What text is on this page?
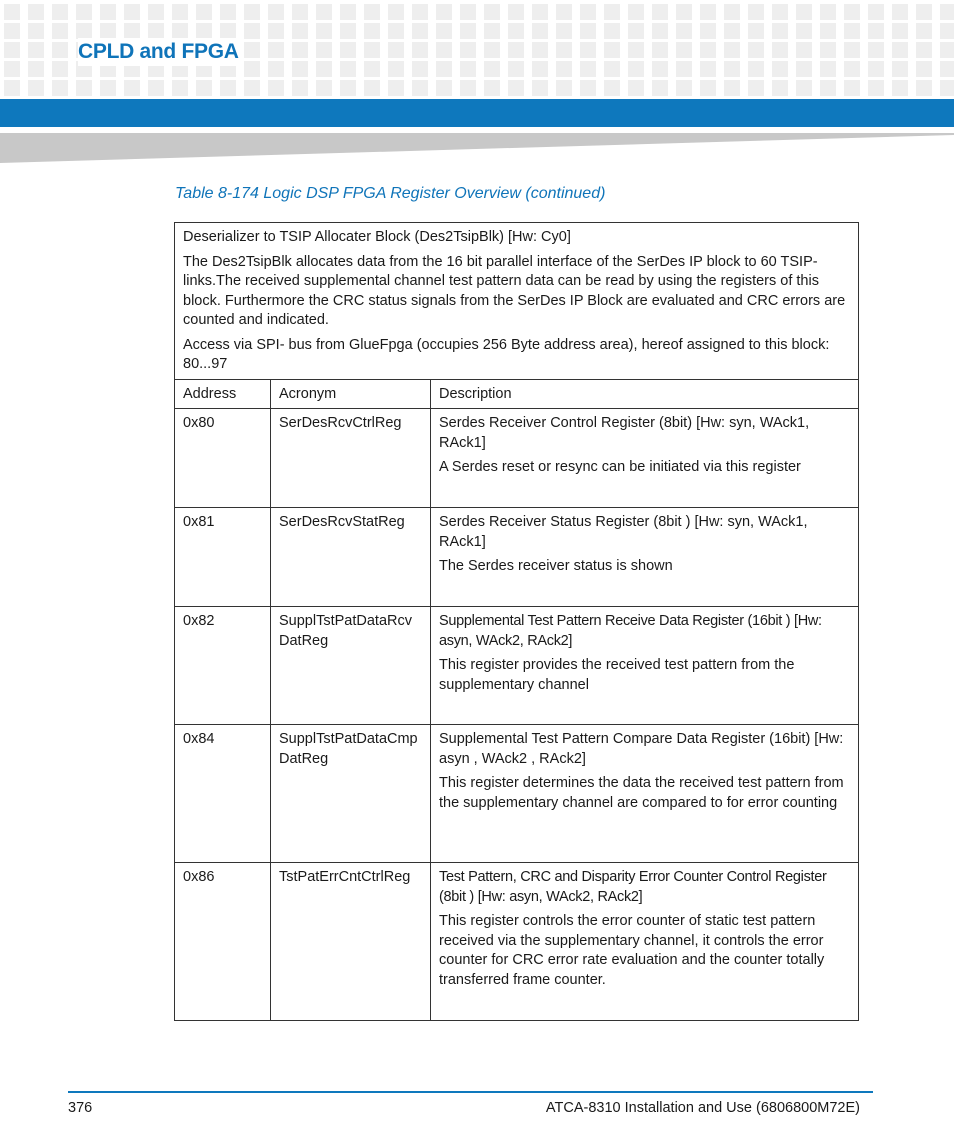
CPLD and FPGA
Table 8-174 Logic DSP FPGA Register Overview (continued)

Deserializer to TSIP Allocater Block (Des2TsipBlk) [Hw: Cy0]

The Des2TsipBlk allocates data from the 16 bit parallel interface of the SerDes IP block to 60 TSIP-links.The received supplemental channel test pattern data can be read by using the registers of this block. Furthermore the CRC status signals from the SerDes IP Block are evaluated and CRC errors are counted and indicated.

Access via SPI- bus from GlueFpga (occupies 256 Byte address area), hereof assigned to this block: 80...97		

Address	Acronym	Description
0x80	SerDesRcvCtrlReg	Serdes Receiver Control Register (8bit) [Hw: syn, WAck1, RAck1]

A Serdes reset or resync can be initiated via this register

0x81	SerDesRcvStatReg	Serdes Receiver Status Register (8bit ) [Hw: syn, WAck1, RAck1]

The Serdes receiver status is shown

0x82	SupplTstPatDataRcvDatReg	Supplemental Test Pattern Receive Data Register (16bit ) [Hw: asyn, WAck2, RAck2]

This register provides the received test pattern from the supplementary channel

0x84	SupplTstPatDataCmpDatReg	Supplemental Test Pattern Compare Data Register (16bit) [Hw: asyn , WAck2 , RAck2]

This register determines the data the received test pattern from the supplementary channel are compared to for error counting

0x86	TstPatErrCntCtrlReg	Test Pattern, CRC and Disparity Error Counter Control Register (8bit ) [Hw: asyn, WAck2, RAck2]

This register controls the error counter of static test pattern received via the supplementary channel, it controls the error counter for CRC error rate evaluation and the counter totally transferred frame counter.

376	ATCA-8310 Installation and Use (6806800M72E)
